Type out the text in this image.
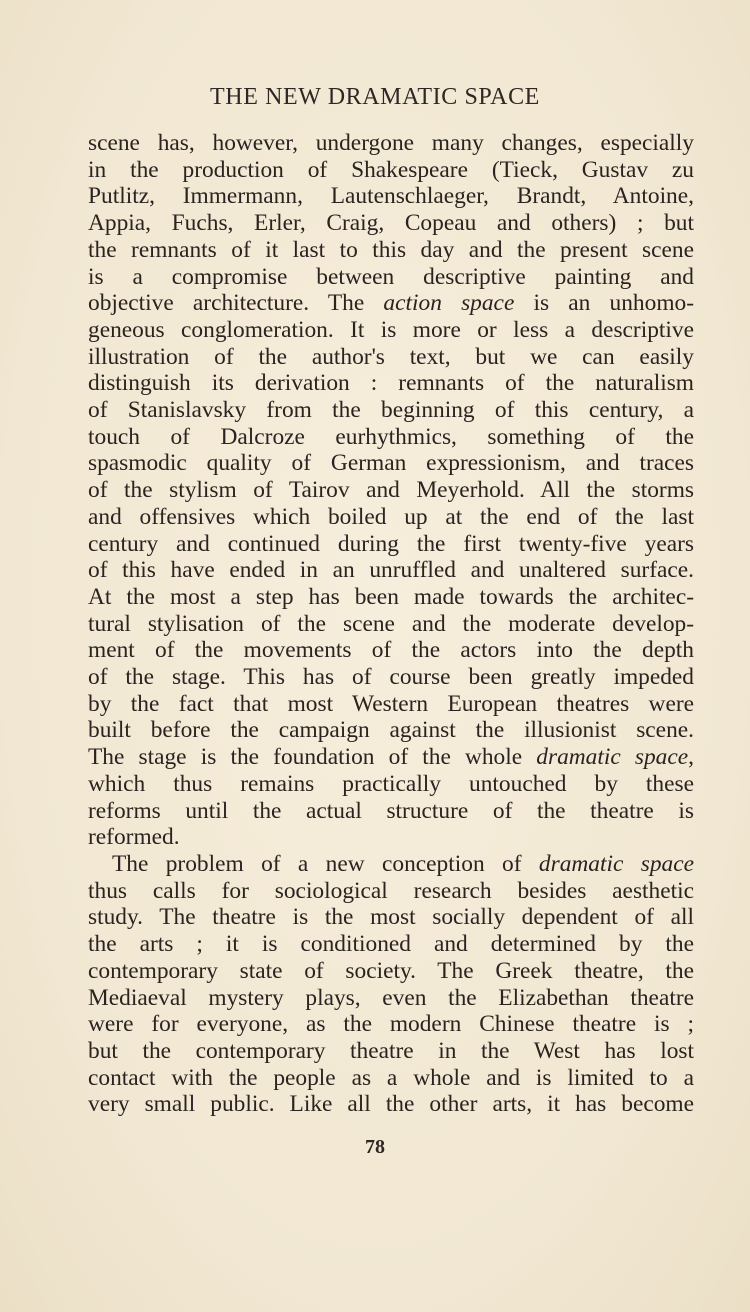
THE NEW DRAMATIC SPACE

scene has, however, undergone many changes, especially

in the production of Shakespeare (Tieck, Gustav zu

Putlitz, Immermann, Lautenschlaeger, Brandt, Antoine,

Appia, Fuchs, Erler, Craig, Copeau and others) ; but

the remnants of it last to this day and the present scene

is a compromise between descriptive painting and

objective architecture. The action space is an unhomo-

geneous conglomeration. It is more or less a descriptive

illustration of the author's text, but we can easily

distinguish its derivation : remnants of the naturalism

of Stanislavsky from the beginning of this century, a

touch of Dalcroze eurhythmics, something of the

spasmodic quality of German expressionism, and traces

of the stylism of Tairov and Meyerhold. All the storms

and offensives which boiled up at the end of the last

century and continued during the first twenty-five years

of this have ended in an unruffled and unaltered surface.

At the most a step has been made towards the architec-

tural stylisation of the scene and the moderate develop-

ment of the movements of the actors into the depth

of the stage. This has of course been greatly impeded

by the fact that most Western European theatres were

built before the campaign against the illusionist scene.

The stage is the foundation of the whole dramatic space,

which thus remains practically untouched by these

reforms until the actual structure of the theatre is

reformed.

The problem of a new conception of dramatic space

thus calls for sociological research besides aesthetic

study. The theatre is the most socially dependent of all

the arts ; it is conditioned and determined by the

contemporary state of society. The Greek theatre, the

Mediaeval mystery plays, even the Elizabethan theatre

were for everyone, as the modern Chinese theatre is ;

but the contemporary theatre in the West has lost

contact with the people as a whole and is limited to a

very small public. Like all the other arts, it has become

78
